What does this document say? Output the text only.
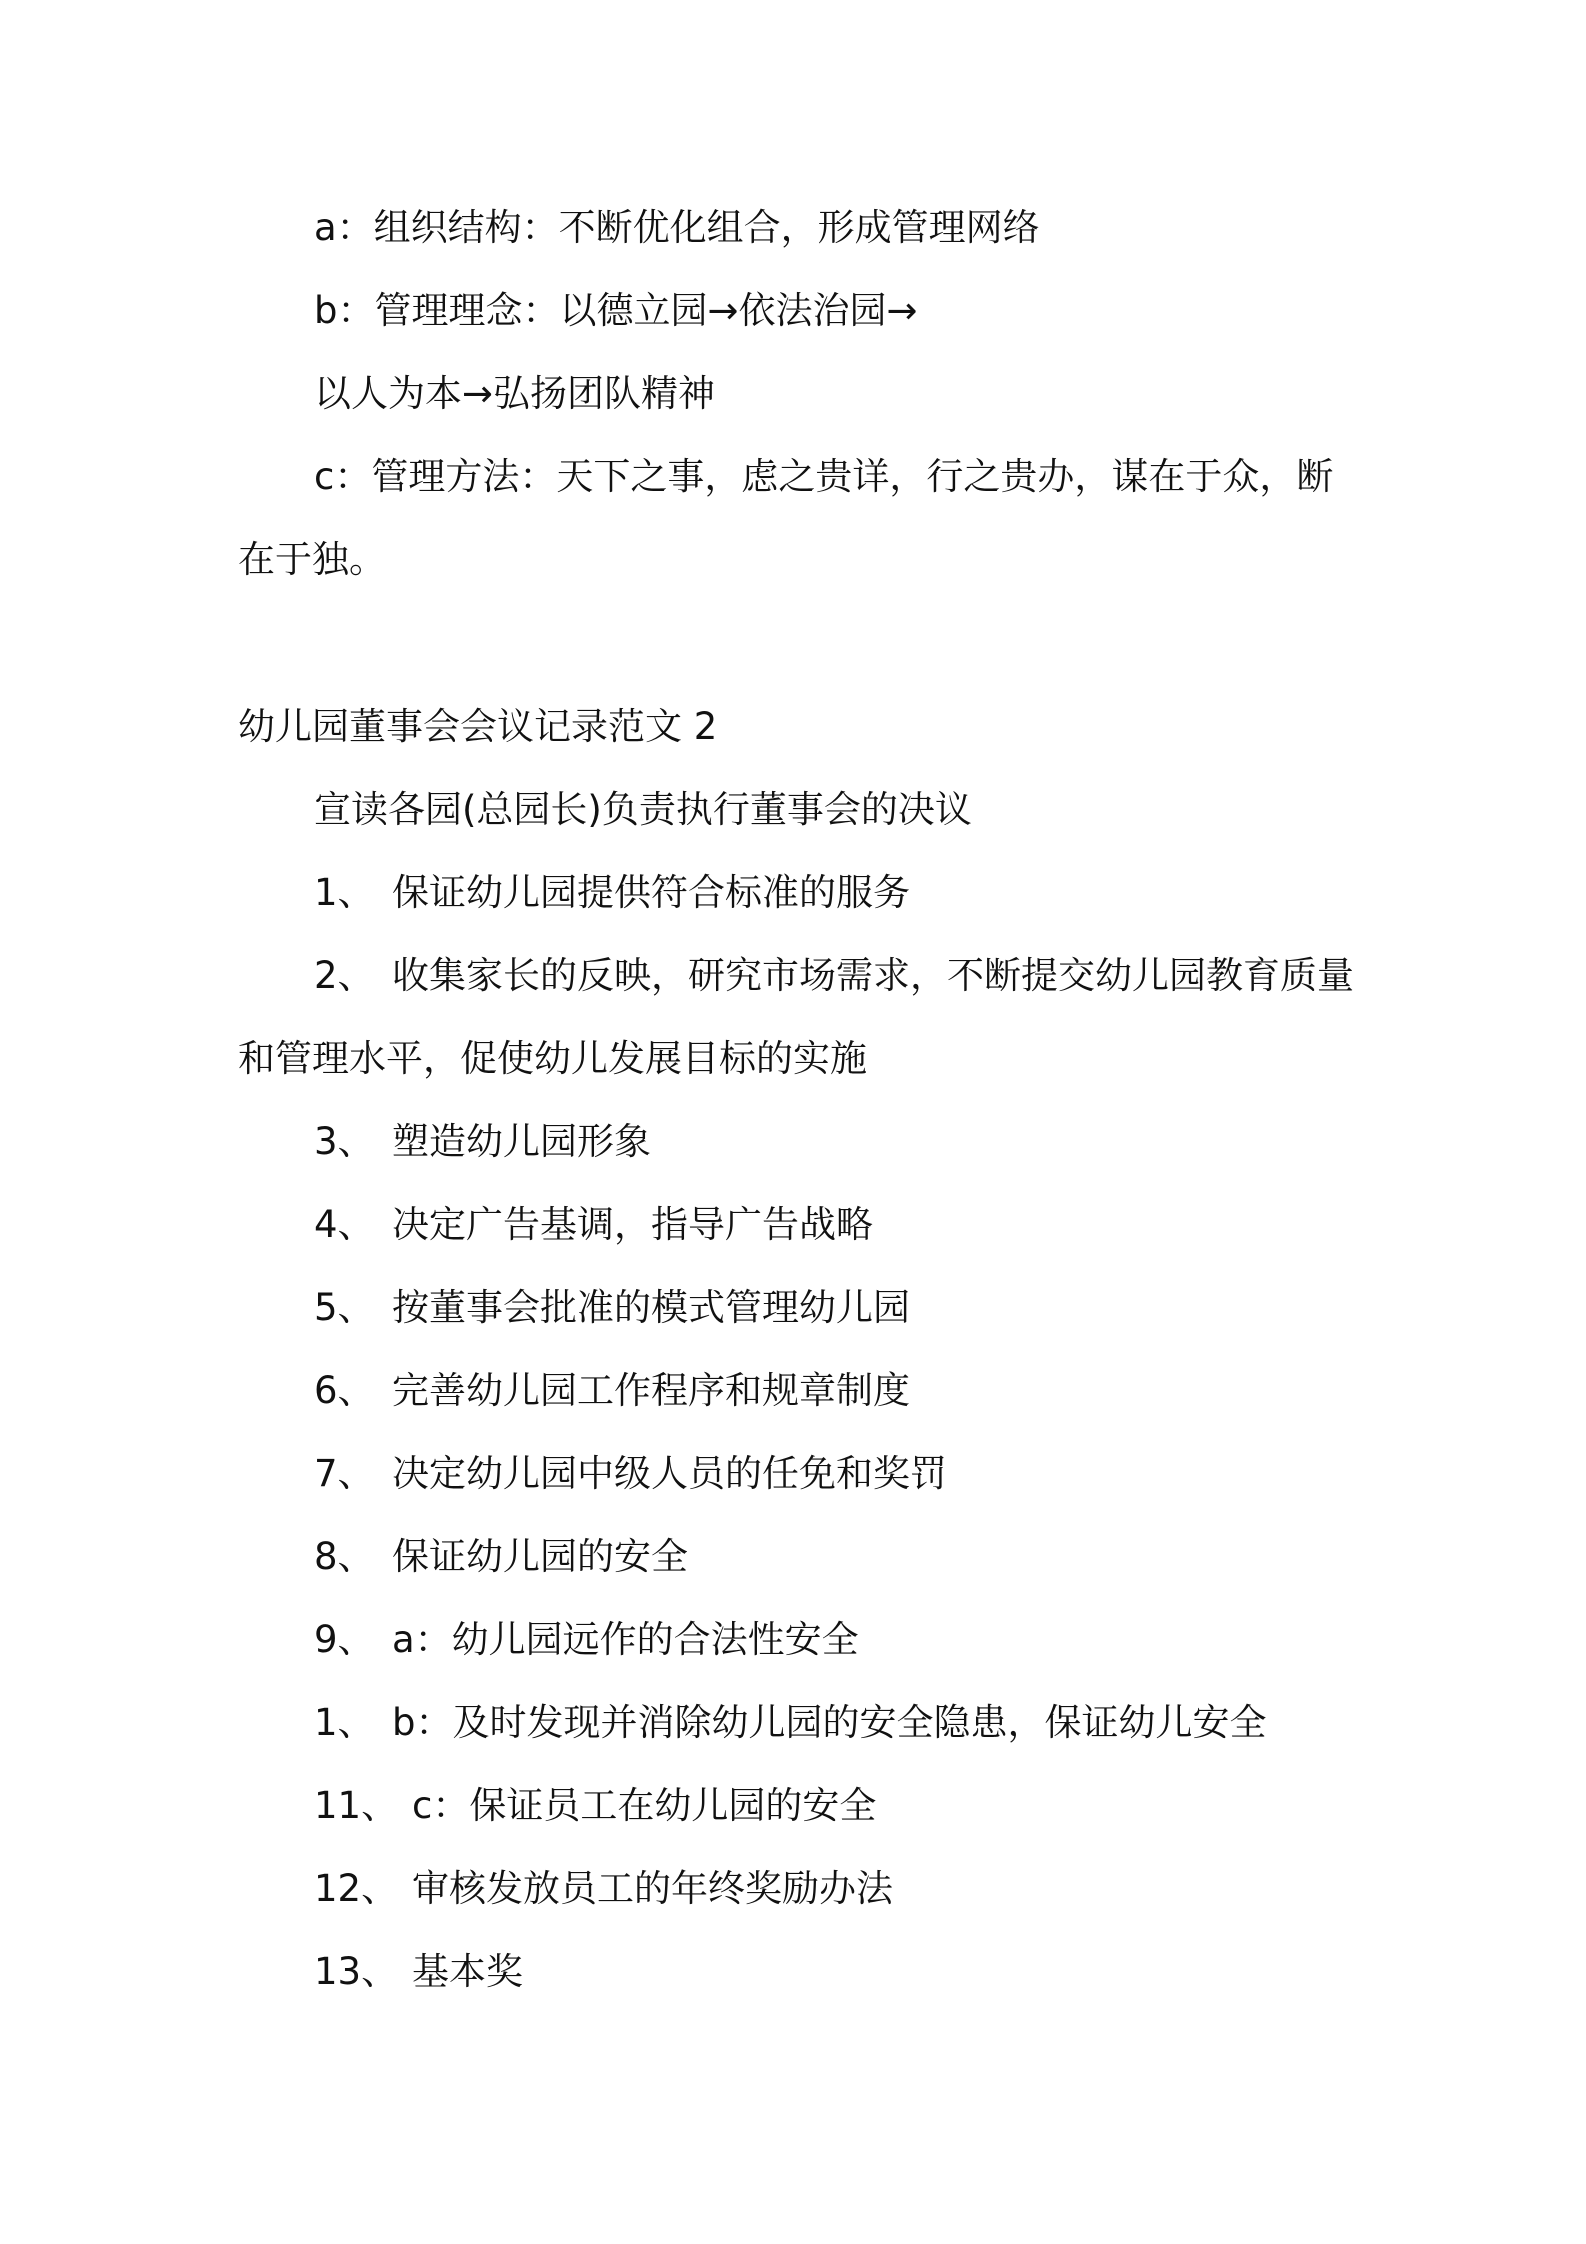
a：组织结构：不断优化组合，形成管理网络

b：管理理念：以德立园→依法治园→

以人为本→弘扬团队精神

c：管理方法：天下之事，虑之贵详，行之贵办，谋在于众，断

在于独。

幼儿园董事会会议记录范文 2

宣读各园(总园长)负责执行董事会的决议

1、 保证幼儿园提供符合标准的服务

2、 收集家长的反映，研究市场需求，不断提交幼儿园教育质量

和管理水平，促使幼儿发展目标的实施

3、 塑造幼儿园形象

4、 决定广告基调，指导广告战略

5、 按董事会批准的模式管理幼儿园

6、 完善幼儿园工作程序和规章制度

7、 决定幼儿园中级人员的任免和奖罚

8、 保证幼儿园的安全

9、 a：幼儿园远作的合法性安全

1、 b：及时发现并消除幼儿园的安全隐患，保证幼儿安全

11、 c：保证员工在幼儿园的安全

12、 审核发放员工的年终奖励办法

13、 基本奖
